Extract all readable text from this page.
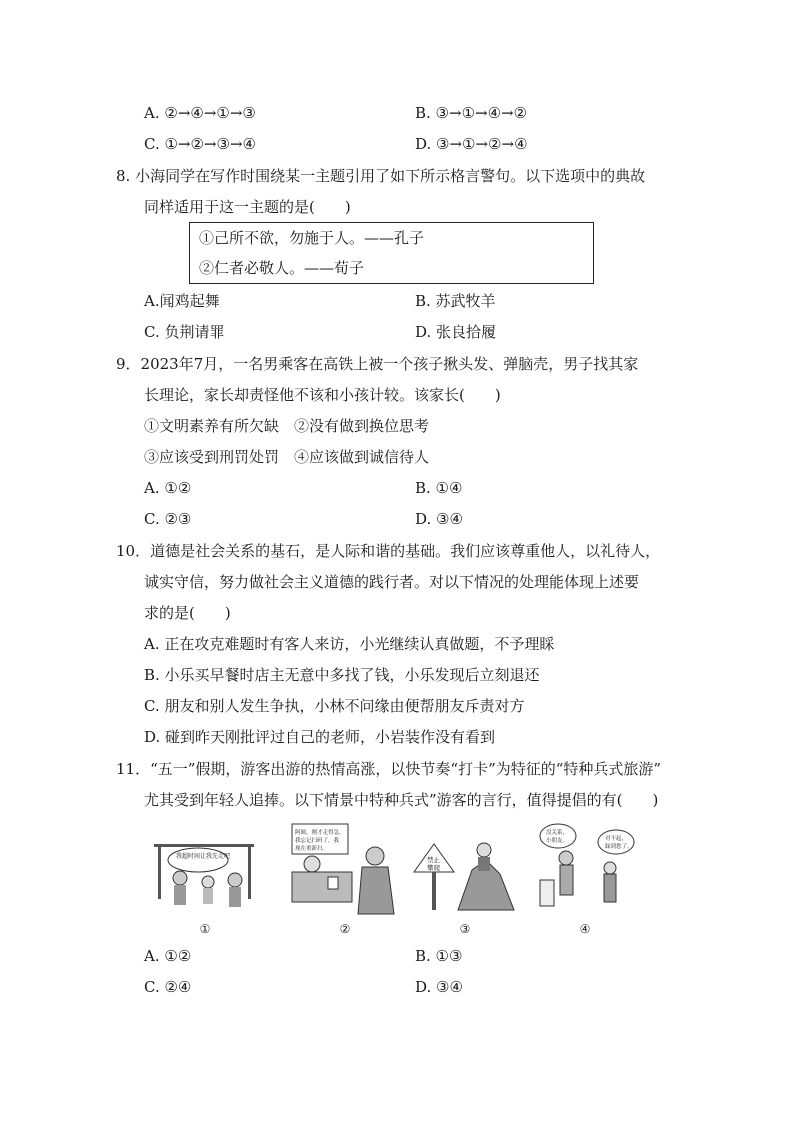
A. ②→④→①→③	B. ③→①→④→②
C. ①→②→③→④	D. ③→①→②→④
8. 小海同学在写作时围绕某一主题引用了如下所示格言警句。以下选项中的典故
同样适用于这一主题的是(　　)
①己所不欲，勿施于人。——孔子
②仁者必敬人。——荀子
A.闻鸡起舞	B. 苏武牧羊
C. 负荆请罪	D. 张良拾履
9．2023年7月，一名男乘客在高铁上被一个孩子揪头发、弹脑壳，男子找其家
长理论，家长却责怪他不该和小孩计较。该家长(　　)
①文明素养有所欠缺　②没有做到换位思考
③应该受到刑罚处罚　④应该做到诚信待人
A. ①②	B. ①④
C. ②③	D. ③④
10．道德是社会关系的基石，是人际和谐的基础。我们应该尊重他人，以礼待人，
诚实守信，努力做社会主义道德的践行者。对以下情况的处理能体现上述要
求的是(　　)
A. 正在攻克难题时有客人来访，小光继续认真做题，不予理睬
B. 小乐买早餐时店主无意中多找了钱，小乐发现后立刻退还
C. 朋友和别人发生争执，小林不问缘由便帮朋友斥责对方
D. 碰到昨天刚批评过自己的老师，小岩装作没有看到
11．“五一”假期，游客出游的热情高涨，以快节奏“打卡”为特征的“特种兵式旅游”
尤其受到年轻人追捧。以下情景中特种兵式”游客的言行，值得提倡的有(　　)
我超时间让我先走吧
①
阿姨，刚才走得急，
我忘记扫码了，我
现在重新扫。
②
禁止
攀爬
③
没关系，
小朋友。	对不起，
踩到您了。
④
A. ①②	B. ①③
C. ②④	D. ③④
